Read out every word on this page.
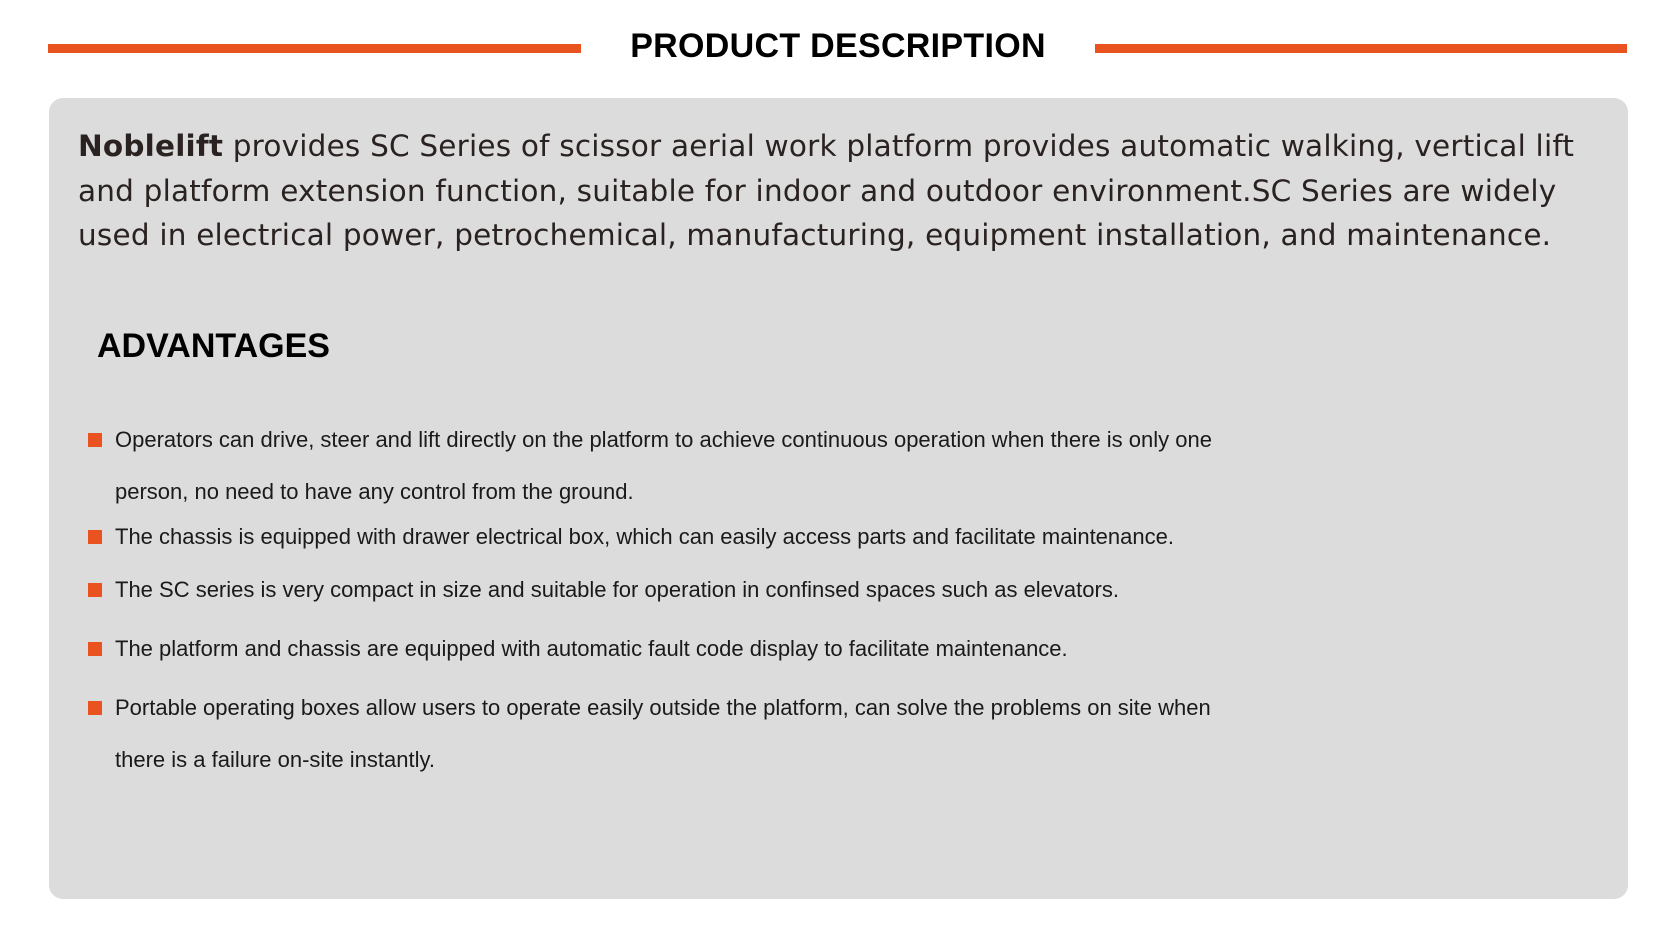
PRODUCT DESCRIPTION
Noblelift provides SC Series of scissor aerial work platform provides automatic walking, vertical lift and platform extension function, suitable for indoor and outdoor environment.SC Series are widely used in electrical power, petrochemical, manufacturing, equipment installation, and maintenance.
ADVANTAGES
Operators can drive, steer and lift directly on the platform to achieve continuous operation when there is only one person, no need to have any control from the ground.
The chassis is equipped with drawer electrical box, which can easily access parts and facilitate maintenance.
The SC series is very compact in size and suitable for operation in confinsed spaces such as elevators.
The platform and chassis are equipped with automatic fault code display to facilitate maintenance.
Portable operating boxes allow users to operate easily outside the platform, can solve the problems on site when there is a failure on-site instantly.
